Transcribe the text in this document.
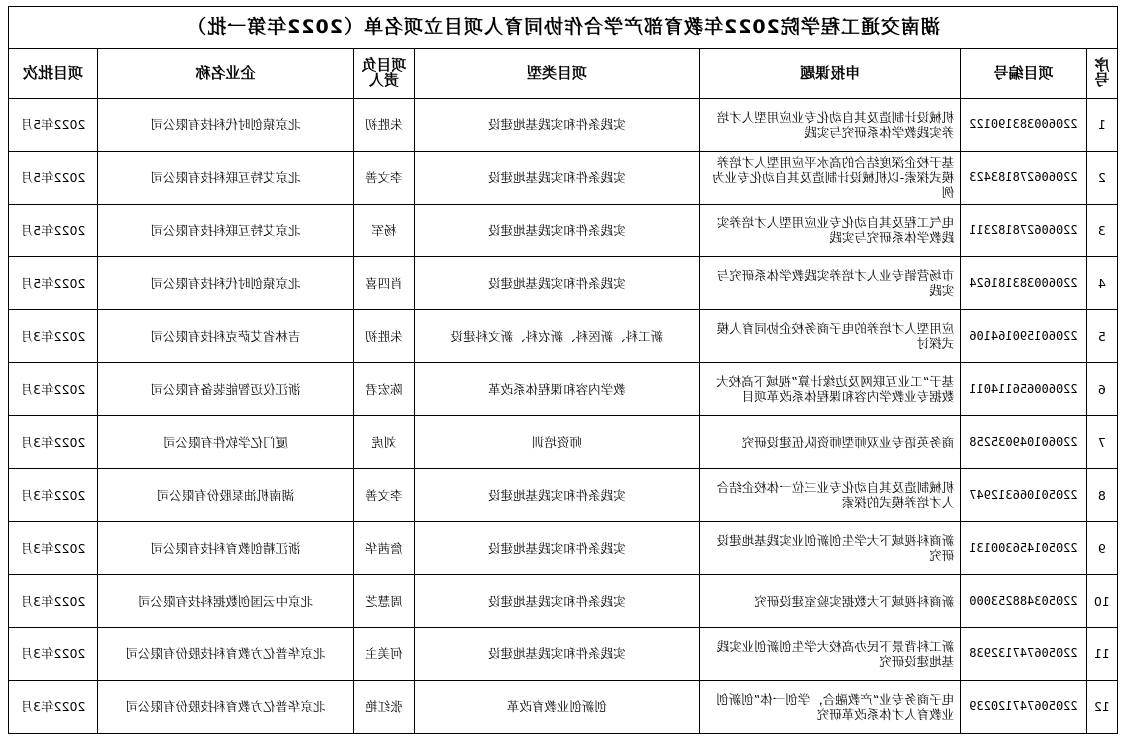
湖南交通工程学院2022年教育部产学合作协同育人项目立项名单（2022年第一批）						
序号	项目编号	申报课题	项目类型	项目负责人	企业名称	项目批次
1	220600383190122	机械设计制造及其自动化专业应用型人才培养实践教学体系研究与实践	实践条件和实践基地建设	朱胜初	北京猿创时代科技有限公司	2022年5月
2	220606278183423	基于校企深度结合的高水平应用型人才培养模式探索-以机械设计制造及其自动化专业为例	实践条件和实践基地建设	李文善	北京艾特互联科技有限公司	2022年5月
3	220606278182311	电气工程及其自动化专业应用型人才培养实践教学体系研究与实践	实践条件和实践基地建设	杨军	北京艾特互联科技有限公司	2022年5月
4	220600383181624	市场营销专业人才培养实践教学体系研究与实践	实践条件和实践基地建设	肖四喜	北京猿创时代科技有限公司	2022年5月
5	220601590164106	应用型人才培养的电子商务校企协同育人模式探讨	新工科、新医科、新农科、新文科建设	朱胜初	吉林省艾萨克科技有限公司	2022年3月
6	220600656114011	基于“工业互联网及边缘计算”视域下高校大数据专业教学内容和课程体系改革项目	教学内容和课程体系改革	陈宏君	浙江仪迈智能装备有限公司	2022年3月
7	220601049035258	商务英语专业双师型师资队伍建设研究	师资培训	刘虎	厦门亿学软件有限公司	2022年3月
8	220501066312947	机械制造及其自动化专业三位一体校企结合人才培养模式的探索	实践条件和实践基地建设	李文善	湖南机油泵股份有限公司	2022年3月
9	220501456300131	新商科视域下大学生创新创业实践基地建设研究	实践条件和实践基地建设	詹茜华	浙江精创教育科技有限公司	2022年3月
10	220503488253000	新商科视域下大数据实验室建设研究	实践条件和实践基地建设	周慧芝	北京中云国创数据科技有限公司	2022年3月
11	220506747132938	新工科背景下民办高校大学生创新创业实践基地建设研究	实践条件和实践基地建设	何美主	北京华普亿方教育科技股份有限公司	2022年3月
12	220506747120239	电子商务专业“产教融合，学创一体”创新创业教育人才体系改革研究	创新创业教育改革	张红艳	北京华普亿方教育科技股份有限公司	2022年3月
